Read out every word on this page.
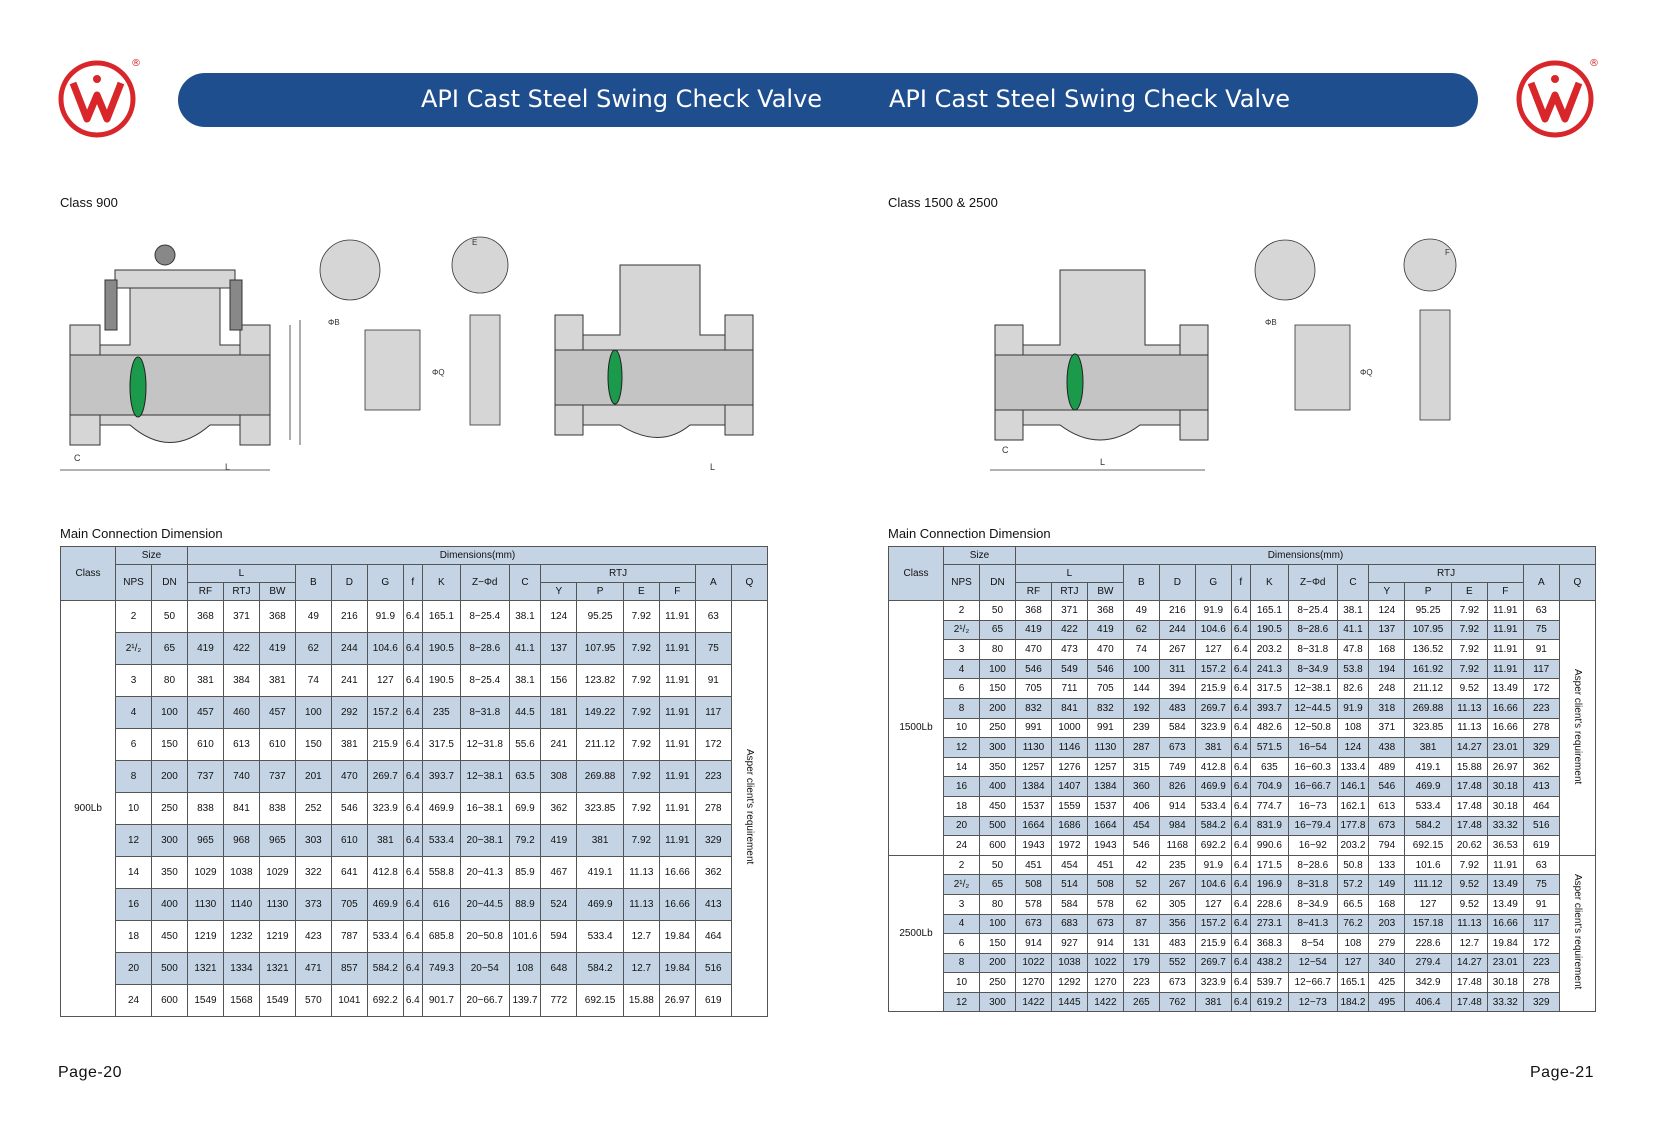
®	®
API Cast Steel Swing Check Valve	API Cast Steel Swing Check Valve
Class 900	Class 1500 & 2500
L
C
ΦB
ΦQ
E
L	L
C
ΦB
ΦQ
F
Main Connection Dimension	Main Connection Dimension
Class	Size		Dimensions(mm)															
	NPS	DN	L			B	D	G	f	K	Z−Φd	C	RTJ				A	Q
			RF	RTJ	BW								Y	P	E	F		
900Lb	2	50	368	371	368	49	216	91.9	6.4	165.1	8−25.4	38.1	124	95.25	7.92	11.91	63	Asper client's requirement
	2¹/₂	65	419	422	419	62	244	104.6	6.4	190.5	8−28.6	41.1	137	107.95	7.92	11.91	75	
	3	80	381	384	381	74	241	127	6.4	190.5	8−25.4	38.1	156	123.82	7.92	11.91	91	
	4	100	457	460	457	100	292	157.2	6.4	235	8−31.8	44.5	181	149.22	7.92	11.91	117	
	6	150	610	613	610	150	381	215.9	6.4	317.5	12−31.8	55.6	241	211.12	7.92	11.91	172	
	8	200	737	740	737	201	470	269.7	6.4	393.7	12−38.1	63.5	308	269.88	7.92	11.91	223	
	10	250	838	841	838	252	546	323.9	6.4	469.9	16−38.1	69.9	362	323.85	7.92	11.91	278	
	12	300	965	968	965	303	610	381	6.4	533.4	20−38.1	79.2	419	381	7.92	11.91	329	
	14	350	1029	1038	1029	322	641	412.8	6.4	558.8	20−41.3	85.9	467	419.1	11.13	16.66	362	
	16	400	1130	1140	1130	373	705	469.9	6.4	616	20−44.5	88.9	524	469.9	11.13	16.66	413	
	18	450	1219	1232	1219	423	787	533.4	6.4	685.8	20−50.8	101.6	594	533.4	12.7	19.84	464	
	20	500	1321	1334	1321	471	857	584.2	6.4	749.3	20−54	108	648	584.2	12.7	19.84	516	
	24	600	1549	1568	1549	570	1041	692.2	6.4	901.7	20−66.7	139.7	772	692.15	15.88	26.97	619	
Class	Size		Dimensions(mm)															
	NPS	DN	L			B	D	G	f	K	Z−Φd	C	RTJ				A	Q
			RF	RTJ	BW								Y	P	E	F		
1500Lb	2	50	368	371	368	49	216	91.9	6.4	165.1	8−25.4	38.1	124	95.25	7.92	11.91	63	Asper client's requirement
	2¹/₂	65	419	422	419	62	244	104.6	6.4	190.5	8−28.6	41.1	137	107.95	7.92	11.91	75	
	3	80	470	473	470	74	267	127	6.4	203.2	8−31.8	47.8	168	136.52	7.92	11.91	91	
	4	100	546	549	546	100	311	157.2	6.4	241.3	8−34.9	53.8	194	161.92	7.92	11.91	117	
	6	150	705	711	705	144	394	215.9	6.4	317.5	12−38.1	82.6	248	211.12	9.52	13.49	172	
	8	200	832	841	832	192	483	269.7	6.4	393.7	12−44.5	91.9	318	269.88	11.13	16.66	223	
	10	250	991	1000	991	239	584	323.9	6.4	482.6	12−50.8	108	371	323.85	11.13	16.66	278	
	12	300	1130	1146	1130	287	673	381	6.4	571.5	16−54	124	438	381	14.27	23.01	329	
	14	350	1257	1276	1257	315	749	412.8	6.4	635	16−60.3	133.4	489	419.1	15.88	26.97	362	
	16	400	1384	1407	1384	360	826	469.9	6.4	704.9	16−66.7	146.1	546	469.9	17.48	30.18	413	
	18	450	1537	1559	1537	406	914	533.4	6.4	774.7	16−73	162.1	613	533.4	17.48	30.18	464	
	20	500	1664	1686	1664	454	984	584.2	6.4	831.9	16−79.4	177.8	673	584.2	17.48	33.32	516	
	24	600	1943	1972	1943	546	1168	692.2	6.4	990.6	16−92	203.2	794	692.15	20.62	36.53	619	
2500Lb	2	50	451	454	451	42	235	91.9	6.4	171.5	8−28.6	50.8	133	101.6	7.92	11.91	63	Asper client's requirement
	2¹/₂	65	508	514	508	52	267	104.6	6.4	196.9	8−31.8	57.2	149	111.12	9.52	13.49	75	
	3	80	578	584	578	62	305	127	6.4	228.6	8−34.9	66.5	168	127	9.52	13.49	91	
	4	100	673	683	673	87	356	157.2	6.4	273.1	8−41.3	76.2	203	157.18	11.13	16.66	117	
	6	150	914	927	914	131	483	215.9	6.4	368.3	8−54	108	279	228.6	12.7	19.84	172	
	8	200	1022	1038	1022	179	552	269.7	6.4	438.2	12−54	127	340	279.4	14.27	23.01	223	
	10	250	1270	1292	1270	223	673	323.9	6.4	539.7	12−66.7	165.1	425	342.9	17.48	30.18	278	
	12	300	1422	1445	1422	265	762	381	6.4	619.2	12−73	184.2	495	406.4	17.48	33.32	329	
Page-20	Page-21
